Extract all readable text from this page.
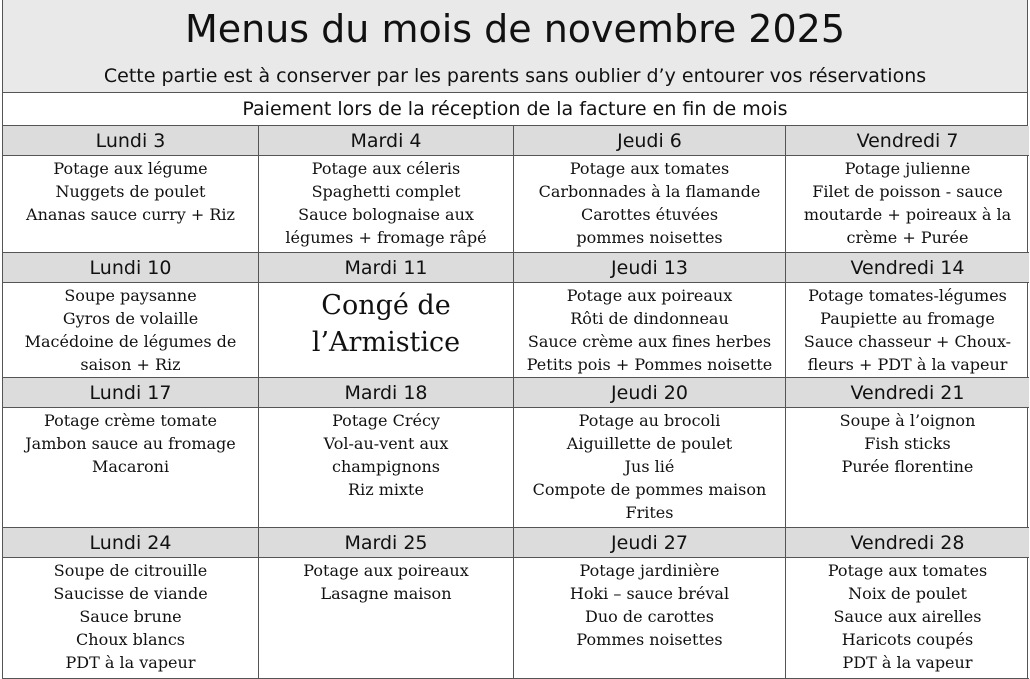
Menus du mois de novembre 2025
Cette partie est à conserver par les parents sans oublier d’y entourer vos réservations
Paiement lors de la réception de la facture en fin de mois
Lundi 3
Potage aux légume
Nuggets de poulet
Ananas sauce curry + Riz
Mardi 4
Potage aux céleris
Spaghetti complet
Sauce bolognaise aux
légumes + fromage râpé
Jeudi 6
Potage aux tomates
Carbonnades à la flamande
Carottes étuvées
pommes noisettes
Vendredi 7
Potage julienne
Filet de poisson - sauce
moutarde + poireaux à la
crème + Purée
Lundi 10
Soupe paysanne
Gyros de volaille
Macédoine de légumes de
saison + Riz
Mardi 11
Congé de
l’Armistice
Jeudi 13
Potage aux poireaux
Rôti de dindonneau
Sauce crème aux fines herbes
Petits pois + Pommes noisette
Vendredi 14
Potage tomates-légumes
Paupiette au fromage
Sauce chasseur + Choux-
fleurs + PDT à la vapeur
Lundi 17
Potage crème tomate
Jambon sauce au fromage
Macaroni
Mardi 18
Potage Crécy
Vol-au-vent aux
champignons
Riz mixte
Jeudi 20
Potage au brocoli
Aiguillette de poulet
Jus lié
Compote de pommes maison
Frites
Vendredi 21
Soupe à l’oignon
Fish sticks
Purée florentine
Lundi 24
Soupe de citrouille
Saucisse de viande
Sauce brune
Choux blancs
PDT à la vapeur
Mardi 25
Potage aux poireaux
Lasagne maison
Jeudi 27
Potage jardinière
Hoki – sauce bréval
Duo de carottes
Pommes noisettes
Vendredi 28
Potage aux tomates
Noix de poulet
Sauce aux airelles
Haricots coupés
PDT à la vapeur
